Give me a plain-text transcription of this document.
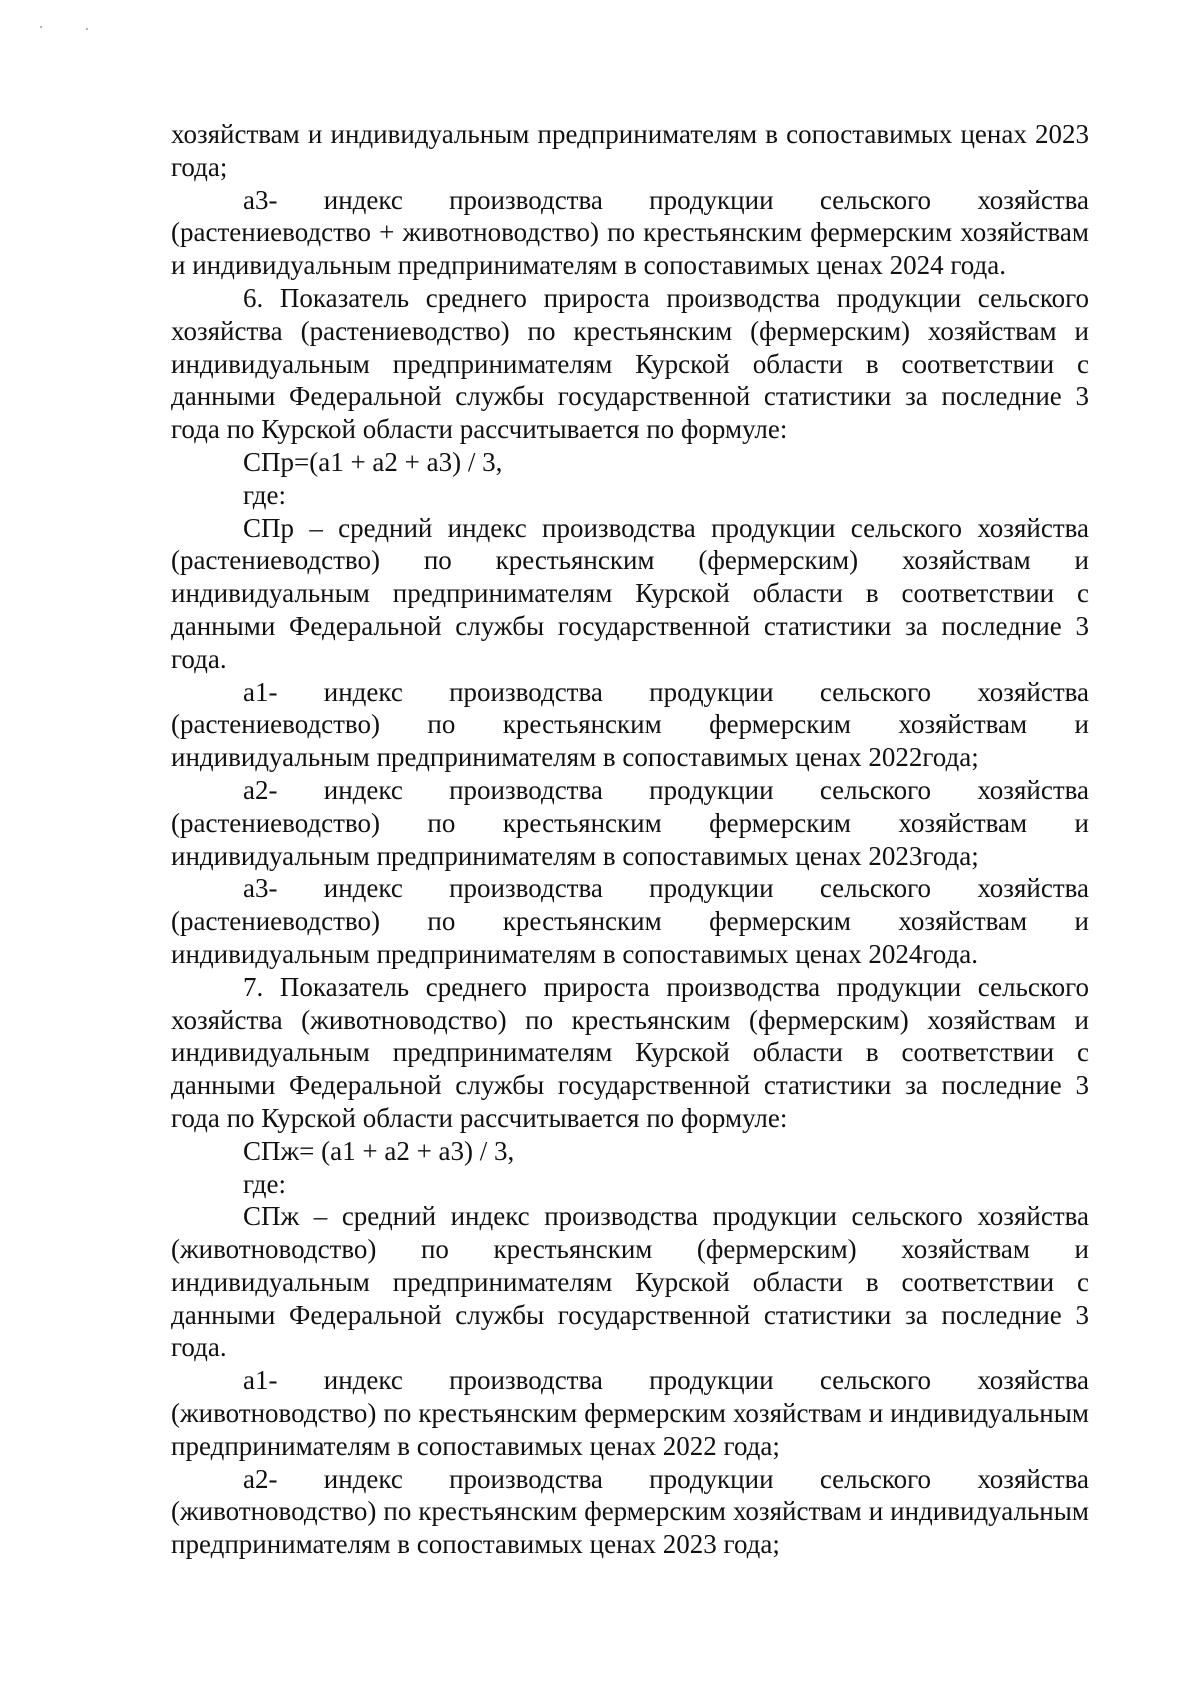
хозяйствам и индивидуальным предпринимателям в сопоставимых ценах 2023 года;

а3- индекс производства продукции сельского хозяйства (растениеводство + животноводство) по крестьянским фермерским хозяйствам и индивидуальным предпринимателям в сопоставимых ценах 2024 года.

6. Показатель среднего прироста производства продукции сельского хозяйства (растениеводство) по крестьянским (фермерским) хозяйствам и индивидуальным предпринимателям Курской области в соответствии с данными Федеральной службы государственной статистики за последние 3 года по Курской области рассчитывается по формуле:

СПр=(а1 + а2 + а3) / 3,

где:

СПр – средний индекс производства продукции сельского хозяйства (растениеводство) по крестьянским (фермерским) хозяйствам и индивидуальным предпринимателям Курской области в соответствии с данными Федеральной службы государственной статистики за последние 3 года.

а1- индекс производства продукции сельского хозяйства (растениеводство) по крестьянским фермерским хозяйствам и индивидуальным предпринимателям в сопоставимых ценах 2022года;

а2- индекс производства продукции сельского хозяйства (растениеводство) по крестьянским фермерским хозяйствам и индивидуальным предпринимателям в сопоставимых ценах 2023года;

а3- индекс производства продукции сельского хозяйства (растениеводство) по крестьянским фермерским хозяйствам и индивидуальным предпринимателям в сопоставимых ценах 2024года.

7. Показатель среднего прироста производства продукции сельского хозяйства (животноводство) по крестьянским (фермерским) хозяйствам и индивидуальным предпринимателям Курской области в соответствии с данными Федеральной службы государственной статистики за последние 3 года по Курской области рассчитывается по формуле:

СПж= (а1 + а2 + а3) / 3,

где:

СПж – средний индекс производства продукции сельского хозяйства (животноводство) по крестьянским (фермерским) хозяйствам и индивидуальным предпринимателям Курской области в соответствии с данными Федеральной службы государственной статистики за последние 3 года.

а1- индекс производства продукции сельского хозяйства (животноводство) по крестьянским фермерским хозяйствам и индивидуальным предпринимателям в сопоставимых ценах 2022 года;

а2- индекс производства продукции сельского хозяйства (животноводство) по крестьянским фермерским хозяйствам и индивидуальным предпринимателям в сопоставимых ценах 2023 года;
